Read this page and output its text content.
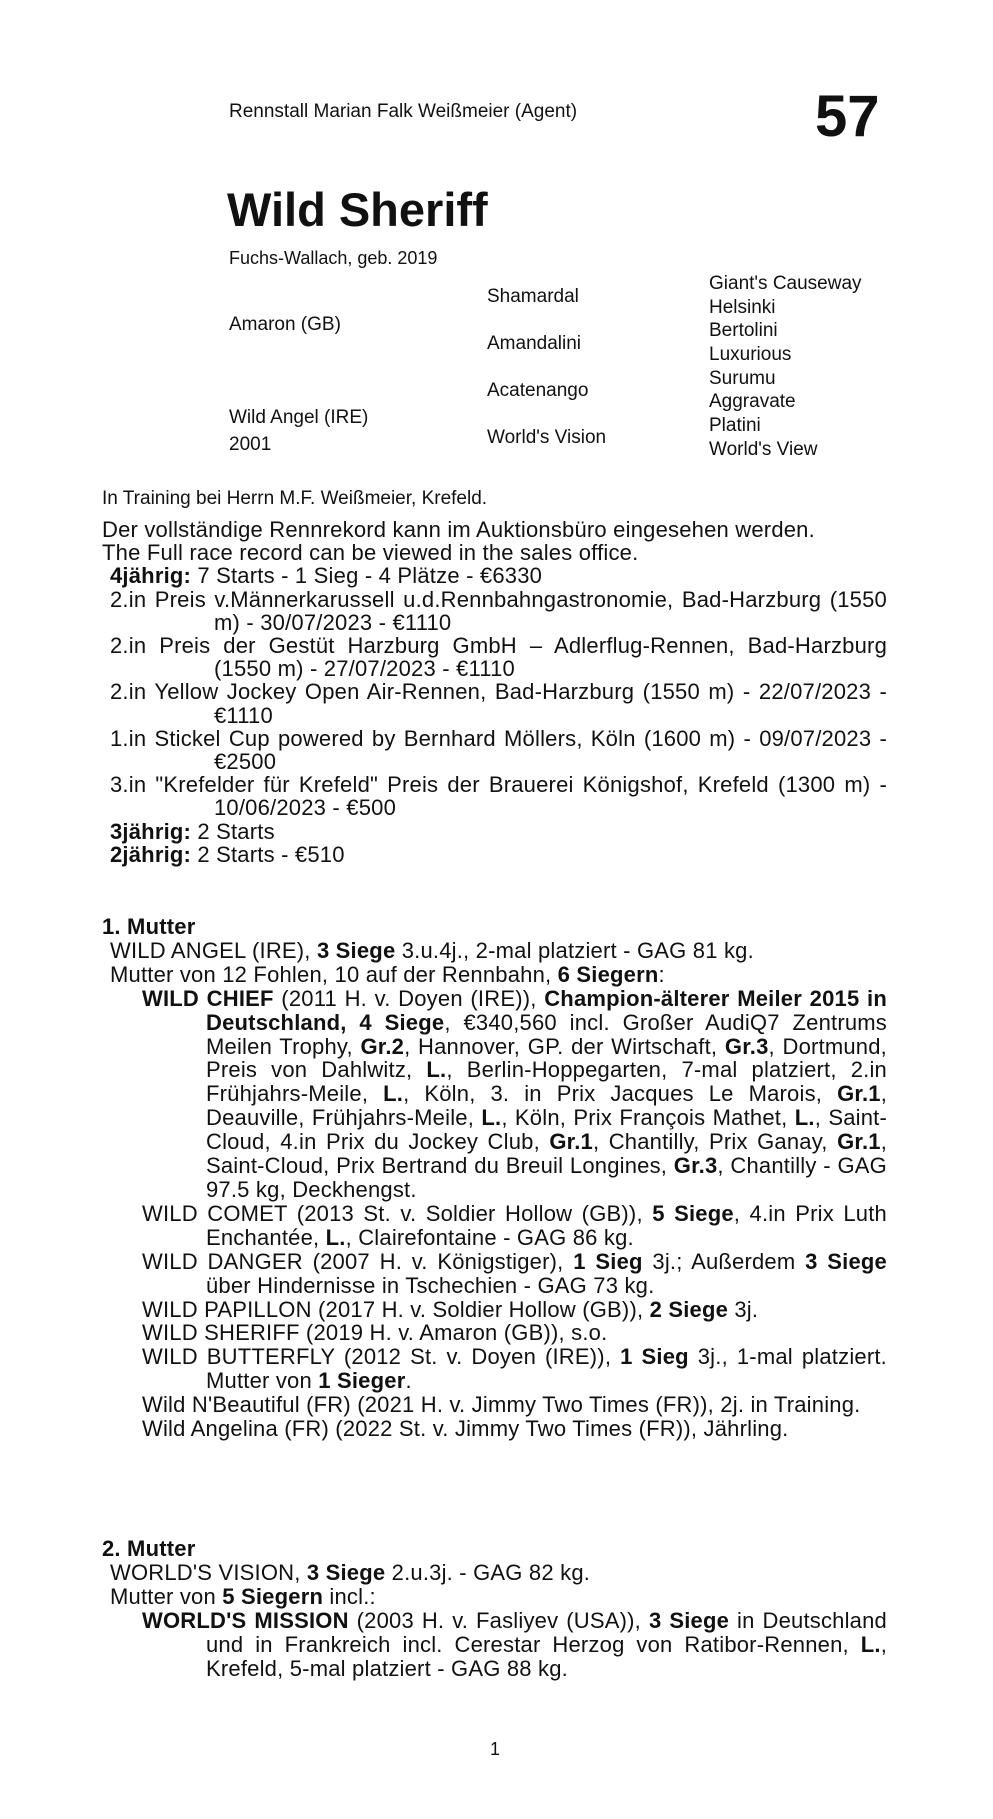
Rennstall Marian Falk Weißmeier (Agent)	57
Wild Sheriff
Fuchs-Wallach, geb. 2019
Amaron (GB)
Wild Angel (IRE)
2001
Shamardal
Amandalini
Acatenango
World's Vision
Giant's Causeway
Helsinki
Bertolini
Luxurious
Surumu
Aggravate
Platini
World's View
In Training bei Herrn M.F. Weißmeier, Krefeld.

Der vollständige Rennrekord kann im Auktionsbüro eingesehen werden.

The Full race record can be viewed in the sales office.

4jährig: 7 Starts - 1 Sieg - 4 Plätze - €6330

2.in Preis v.Männerkarussell u.d.Rennbahngastronomie, Bad-Harzburg (1550 m) - 30/07/2023 - €1110

2.in Preis der Gestüt Harzburg GmbH – Adlerflug-Rennen, Bad-Harzburg (1550 m) - 27/07/2023 - €1110

2.in Yellow Jockey Open Air-Rennen, Bad-Harzburg (1550 m) - 22/07/2023 - €1110

1.in Stickel Cup powered by Bernhard Möllers, Köln (1600 m) - 09/07/2023 - €2500

3.in "Krefelder für Krefeld" Preis der Brauerei Königshof, Krefeld (1300 m) - 10/06/2023 - €500

3jährig: 2 Starts

2jährig: 2 Starts - €510

1. Mutter

WILD ANGEL (IRE), 3 Siege 3.u.4j., 2-mal platziert - GAG 81 kg.

Mutter von 12 Fohlen, 10 auf der Rennbahn, 6 Siegern:

WILD CHIEF (2011 H. v. Doyen (IRE)), Champion-älterer Meiler 2015 in Deutschland, 4 Siege, €340,560 incl. Großer AudiQ7 Zentrums Meilen Trophy, Gr.2, Hannover, GP. der Wirtschaft, Gr.3, Dortmund, Preis von Dahlwitz, L., Berlin-Hoppegarten, 7-mal platziert, 2.in Frühjahrs-Meile, L., Köln, 3. in Prix Jacques Le Marois, Gr.1, Deauville, Frühjahrs-Meile, L., Köln, Prix François Mathet, L., Saint-Cloud, 4.in Prix du Jockey Club, Gr.1, Chantilly, Prix Ganay, Gr.1, Saint-Cloud, Prix Bertrand du Breuil Longines, Gr.3, Chantilly - GAG 97.5 kg, Deckhengst.

WILD COMET (2013 St. v. Soldier Hollow (GB)), 5 Siege, 4.in Prix Luth Enchantée, L., Clairefontaine - GAG 86 kg.

WILD DANGER (2007 H. v. Königstiger), 1 Sieg 3j.; Außerdem 3 Siege über Hindernisse in Tschechien - GAG 73 kg.

WILD PAPILLON (2017 H. v. Soldier Hollow (GB)), 2 Siege 3j.

WILD SHERIFF (2019 H. v. Amaron (GB)), s.o.

WILD BUTTERFLY (2012 St. v. Doyen (IRE)), 1 Sieg 3j., 1-mal platziert. Mutter von 1 Sieger.

Wild N'Beautiful (FR) (2021 H. v. Jimmy Two Times (FR)), 2j. in Training.

Wild Angelina (FR) (2022 St. v. Jimmy Two Times (FR)), Jährling.

2. Mutter

WORLD'S VISION, 3 Siege 2.u.3j. - GAG 82 kg.

Mutter von 5 Siegern incl.:

WORLD'S MISSION (2003 H. v. Fasliyev (USA)), 3 Siege in Deutschland und in Frankreich incl. Cerestar Herzog von Ratibor-Rennen, L., Krefeld, 5-mal platziert - GAG 88 kg.

1
